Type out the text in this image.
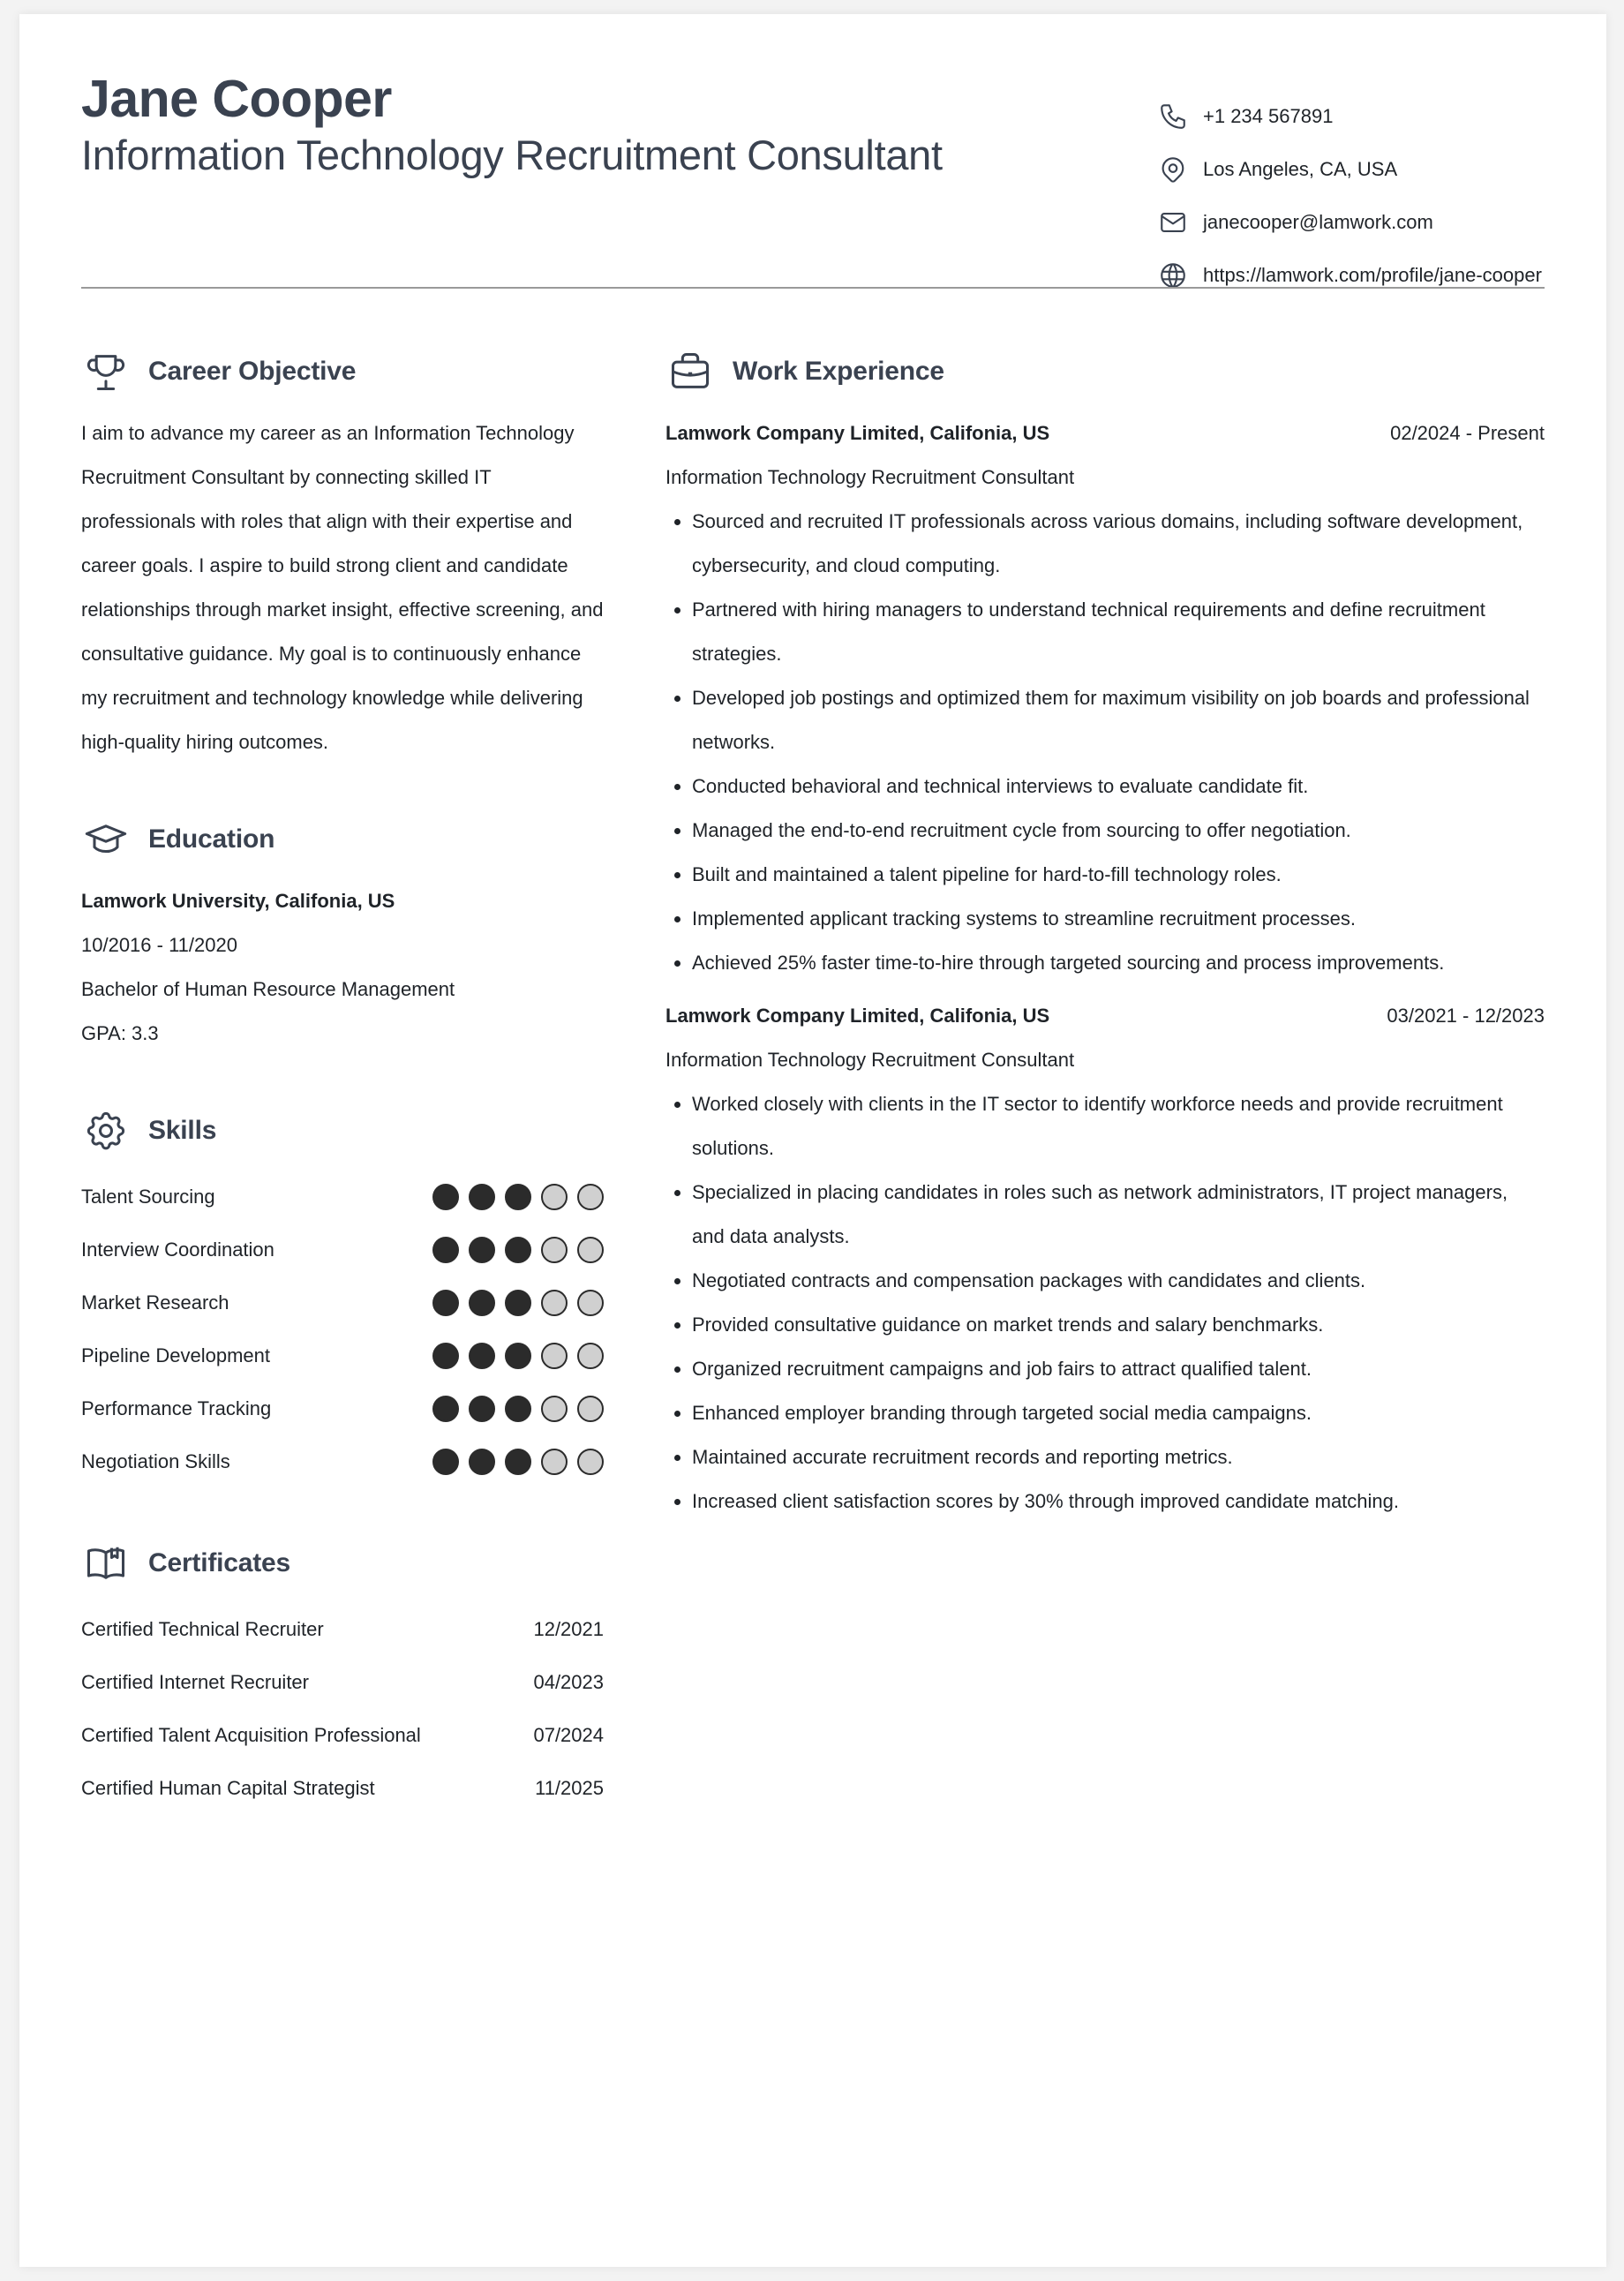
Jane Cooper
Information Technology Recruitment Consultant
+1 234 567891
Los Angeles, CA, USA
janecooper@lamwork.com
https://lamwork.com/profile/jane-cooper
Career Objective
I aim to advance my career as an Information Technology Recruitment Consultant by connecting skilled IT professionals with roles that align with their expertise and career goals. I aspire to build strong client and candidate relationships through market insight, effective screening, and consultative guidance. My goal is to continuously enhance my recruitment and technology knowledge while delivering high-quality hiring outcomes.
Education
Lamwork University, Califonia, US
10/2016 - 11/2020
Bachelor of Human Resource Management
GPA: 3.3
Skills
Talent Sourcing
Interview Coordination
Market Research
Pipeline Development
Performance Tracking
Negotiation Skills
Certificates
Certified Technical Recruiter	12/2021
Certified Internet Recruiter	04/2023
Certified Talent Acquisition Professional	07/2024
Certified Human Capital Strategist	11/2025
Work Experience
Lamwork Company Limited, Califonia, US	02/2024 - Present
Information Technology Recruitment Consultant
Sourced and recruited IT professionals across various domains, including software development, cybersecurity, and cloud computing.
Partnered with hiring managers to understand technical requirements and define recruitment strategies.
Developed job postings and optimized them for maximum visibility on job boards and professional networks.
Conducted behavioral and technical interviews to evaluate candidate fit.
Managed the end-to-end recruitment cycle from sourcing to offer negotiation.
Built and maintained a talent pipeline for hard-to-fill technology roles.
Implemented applicant tracking systems to streamline recruitment processes.
Achieved 25% faster time-to-hire through targeted sourcing and process improvements.
Lamwork Company Limited, Califonia, US	03/2021 - 12/2023
Information Technology Recruitment Consultant
Worked closely with clients in the IT sector to identify workforce needs and provide recruitment solutions.
Specialized in placing candidates in roles such as network administrators, IT project managers, and data analysts.
Negotiated contracts and compensation packages with candidates and clients.
Provided consultative guidance on market trends and salary benchmarks.
Organized recruitment campaigns and job fairs to attract qualified talent.
Enhanced employer branding through targeted social media campaigns.
Maintained accurate recruitment records and reporting metrics.
Increased client satisfaction scores by 30% through improved candidate matching.
